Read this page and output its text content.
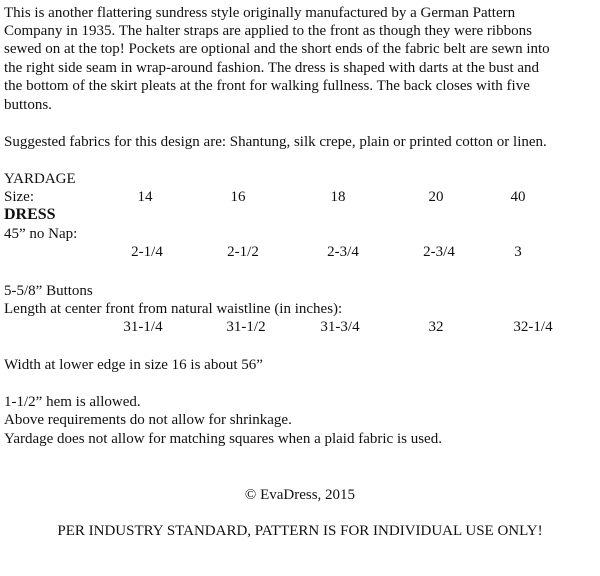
This is another flattering sundress style originally manufactured by a German Pattern
Company in 1935. The halter straps are applied to the front as though they were ribbons
sewed on at the top! Pockets are optional and the short ends of the fabric belt are sewn into
the right side seam in wrap-around fashion. The dress is shaped with darts at the bust and
the bottom of the skirt pleats at the front for walking fullness. The back closes with five
buttons.
Suggested fabrics for this design are: Shantung, silk crepe, plain or printed cotton or linen.
YARDAGE
Size:	14	16	18	20	40
DRESS
45” no Nap:
2-1/4	2-1/2	2-3/4	2-3/4	3
5-5/8” Buttons
Length at center front from natural waistline (in inches):
31-1/4	31-1/2	31-3/4	32	32-1/4
Width at lower edge in size 16 is about 56”
1-1/2” hem is allowed.
Above requirements do not allow for shrinkage.
Yardage does not allow for matching squares when a plaid fabric is used.
© EvaDress, 2015
PER INDUSTRY STANDARD, PATTERN IS FOR INDIVIDUAL USE ONLY!
